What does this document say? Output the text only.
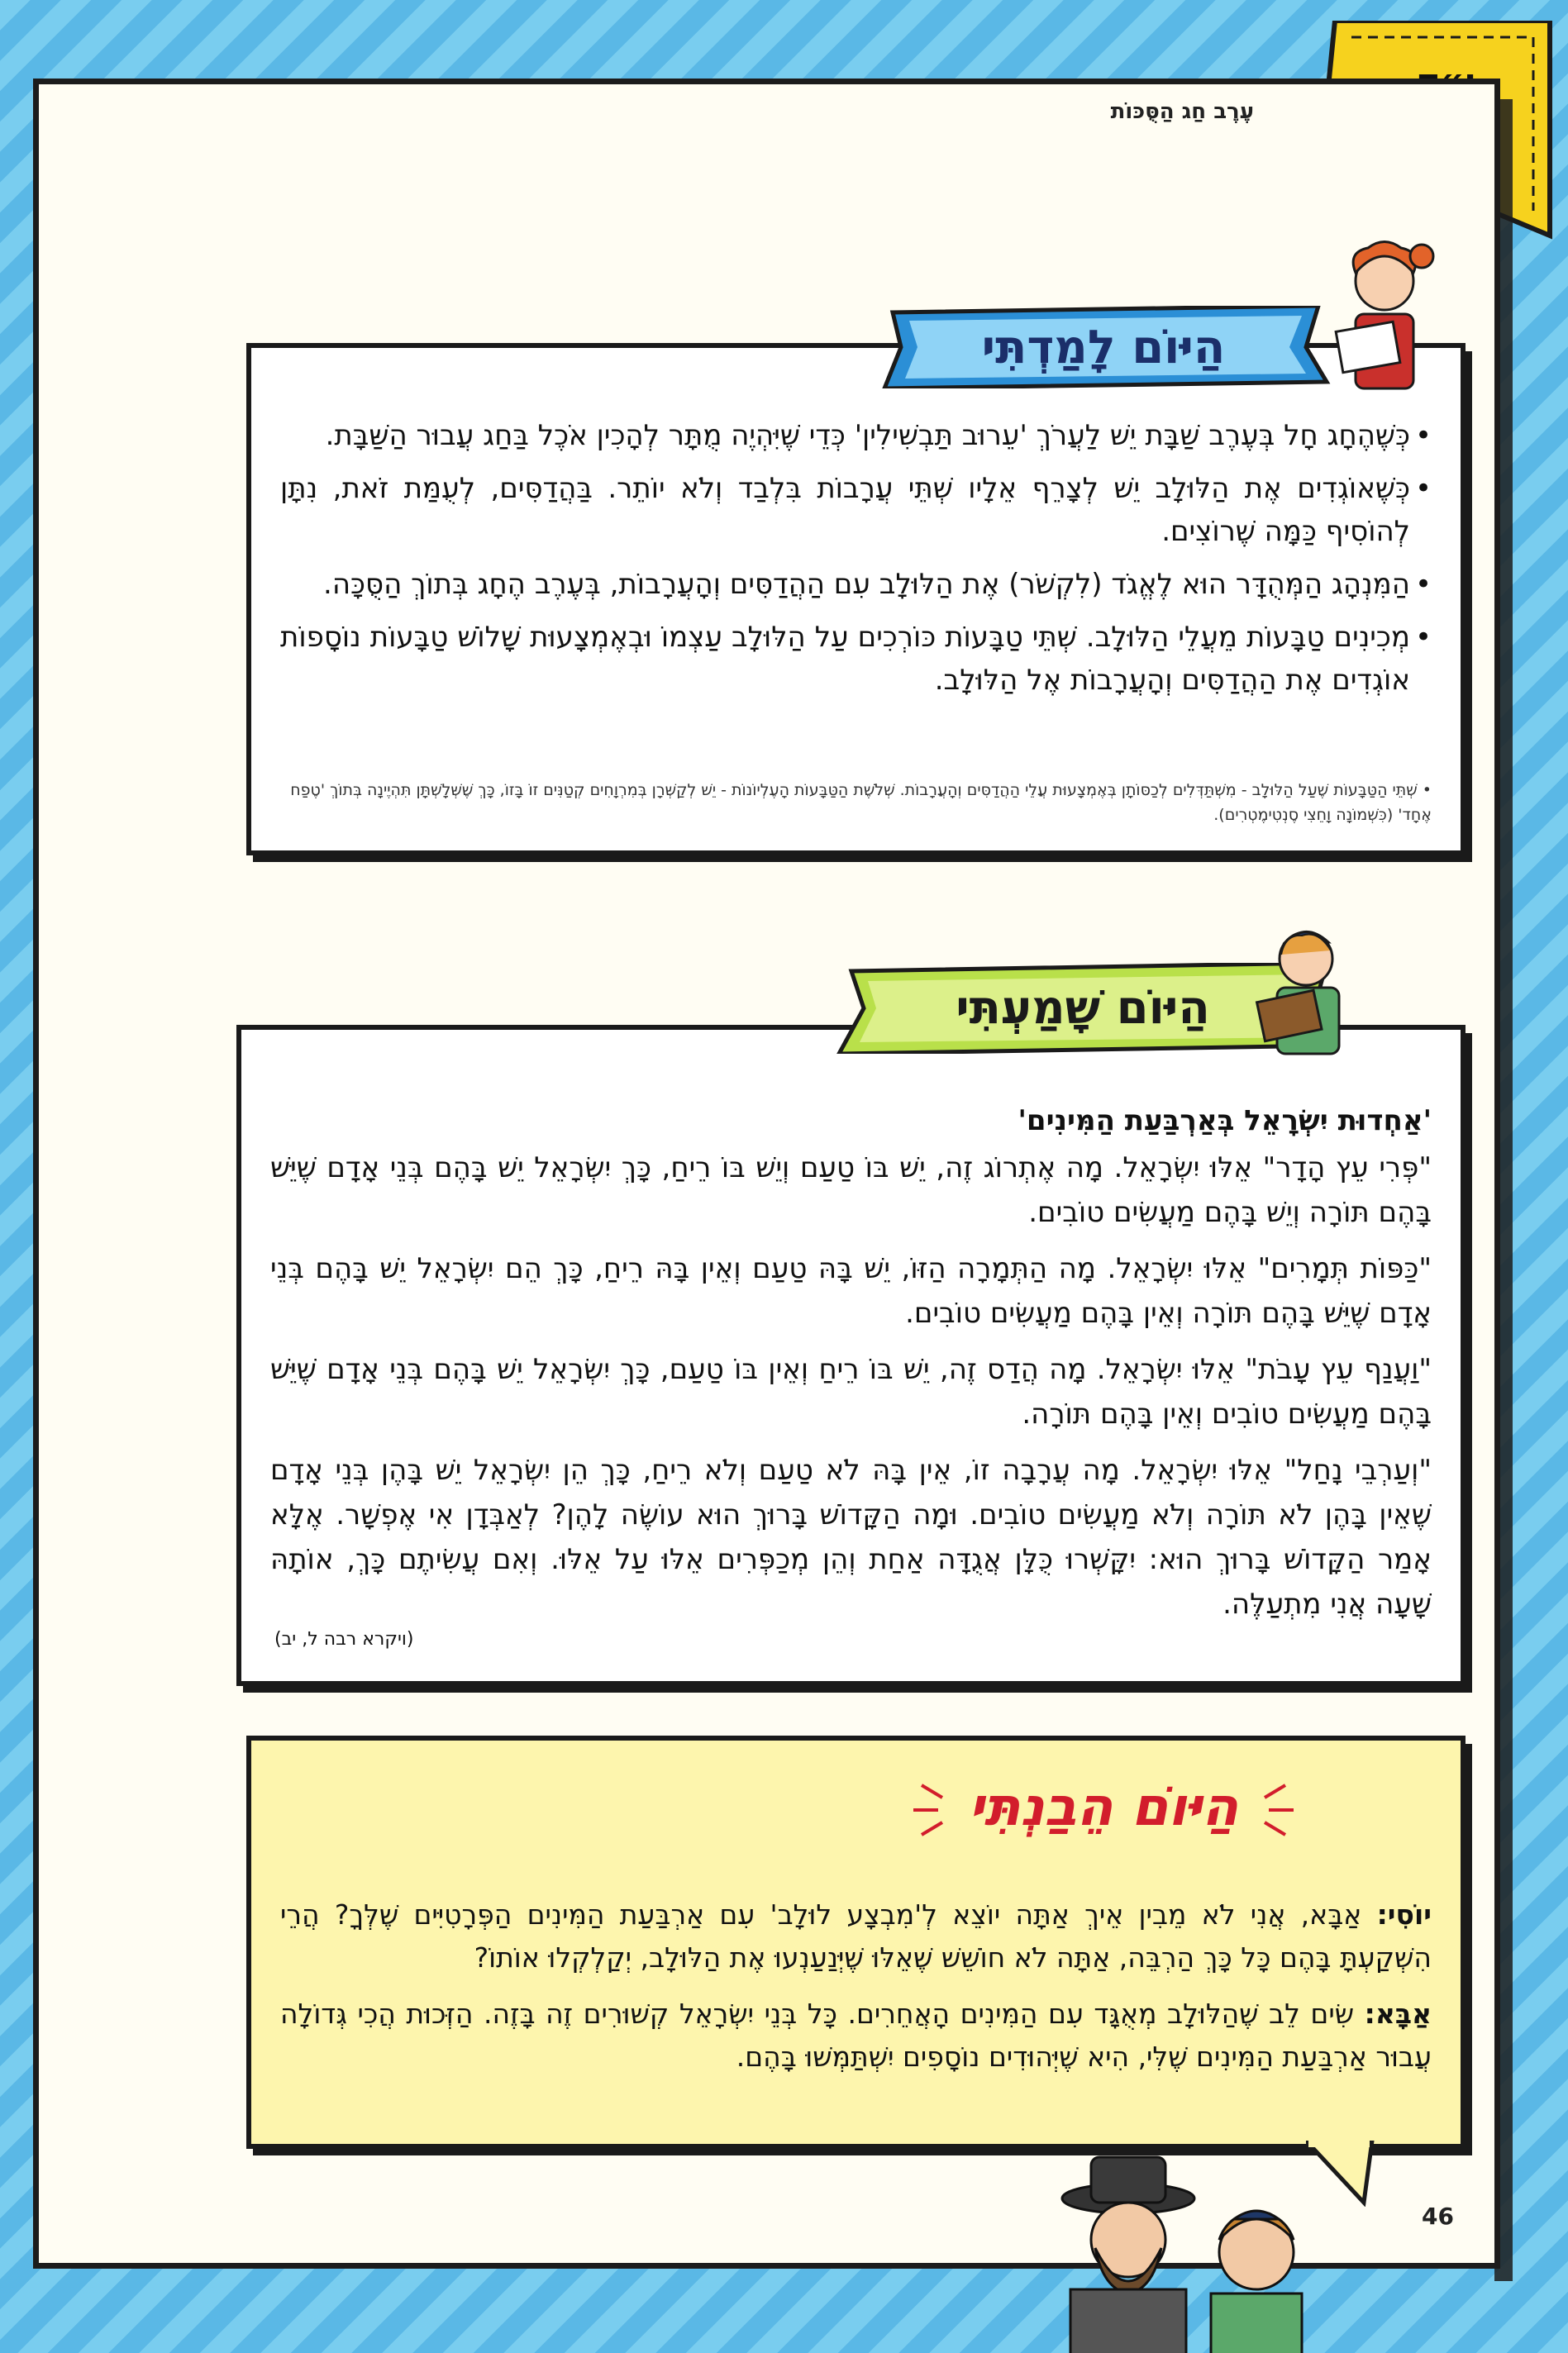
עֶרֶב חַג הַסֻּכּוֹת
• כְּשֶׁהֶחָג חָל בְּעֶרֶב שַׁבָּת יֵשׁ לַעֲרֹךְ 'עֵרוּב תַּבְשִׁילִין' כְּדֵי שֶׁיִּהְיֶה מֻתָּר לְהָכִין אֹכֶל בַּחַג עֲבוּר הַשַּׁבָּת.
• כְּשֶׁאוֹגְדִים אֶת הַלּוּלָב יֵשׁ לְצָרֵף אֵלָיו שְׁתֵּי עֲרָבוֹת בִּלְבַד וְלֹא יוֹתֵר. בַּהֲדַסִּים, לְעֻמַּת זֹאת, נִתָּן לְהוֹסִיף כַּמָּה שֶׁרוֹצִים.
• הַמִּנְהָג הַמְּהֻדָּר הוּא לֶאֱגֹד (לִקְשֹׁר) אֶת הַלּוּלָב עִם הַהֲדַסִּים וְהָעֲרָבוֹת, בְּעֶרֶב הֶחָג בְּתוֹךְ הַסֻּכָּה.
• מְכִינִים טַבָּעוֹת מֵעֲלֵי הַלּוּלָב. שְׁתֵּי טַבָּעוֹת כּוֹרְכִים עַל הַלּוּלָב עַצְמוֹ וּבְאֶמְצָעוּת שָׁלוֹשׁ טַבָּעוֹת נוֹסָפוֹת אוֹגְדִים אֶת הַהֲדַסִּים וְהָעֲרָבוֹת אֶל הַלּוּלָב.
• שְׁתֵּי הַטַּבָּעוֹת שֶׁעַל הַלּוּלָב - מִשְׁתַּדְּלִים לְכַסּוֹתָן בְּאֶמְצָעוּת עֲלֵי הַהֲדַסִּים וְהָעֲרָבוֹת. שְׁלֹשֶׁת הַטַּבָּעוֹת הָעֶלְיוֹנוֹת - יֵשׁ לְקַשְּׁרָן בְּמִרְוָחִים קְטַנִּים זוֹ בָּזוֹ, כָּךְ שֶׁשְּׁלָשְׁתָּן תִּהְיֶינָה בְּתוֹךְ 'טֶפַח אֶחָד' (כִּשְׁמוֹנָה וָחֵצִי סֶנְטִימֶטְרִים).
הַיּוֹם לָמַדְתִּי
'אַחְדוּת יִשְׂרָאֵל בְּאַרְבַּעַת הַמִּינִים'

"פְּרִי עֵץ הָדָר" אֵלּוּ יִשְׂרָאֵל. מָה אֶתְרוֹג זֶה, יֵשׁ בּוֹ טַעַם וְיֵשׁ בּוֹ רֵיחַ, כָּךְ יִשְׂרָאֵל יֵשׁ בָּהֶם בְּנֵי אָדָם שֶׁיֵּשׁ בָּהֶם תּוֹרָה וְיֵשׁ בָּהֶם מַעֲשִׂים טוֹבִים.

"כַּפּוֹת תְּמָרִים" אֵלּוּ יִשְׂרָאֵל. מָה הַתְּמָרָה הַזּוֹ, יֵשׁ בָּהּ טַעַם וְאֵין בָּהּ רֵיחַ, כָּךְ הֵם יִשְׂרָאֵל יֵשׁ בָּהֶם בְּנֵי אָדָם שֶׁיֵּשׁ בָּהֶם תּוֹרָה וְאֵין בָּהֶם מַעֲשִׂים טוֹבִים.

"וַעֲנַף עֵץ עָבֹת" אֵלּוּ יִשְׂרָאֵל. מָה הֲדַס זֶה, יֵשׁ בּוֹ רֵיחַ וְאֵין בּוֹ טַעַם, כָּךְ יִשְׂרָאֵל יֵשׁ בָּהֶם בְּנֵי אָדָם שֶׁיֵּשׁ בָּהֶם מַעֲשִׂים טוֹבִים וְאֵין בָּהֶם תּוֹרָה.

"וְעַרְבֵי נָחַל" אֵלּוּ יִשְׂרָאֵל. מָה עֲרָבָה זוֹ, אֵין בָּהּ לֹא טַעַם וְלֹא רֵיחַ, כָּךְ הֵן יִשְׂרָאֵל יֵשׁ בָּהֶן בְּנֵי אָדָם שֶׁאֵין בָּהֶן לֹא תּוֹרָה וְלֹא מַעֲשִׂים טוֹבִים. וּמָה הַקָּדוֹשׁ בָּרוּךְ הוּא עוֹשֶׂה לָהֶן? לְאַבְּדָן אִי אֶפְשָׁר. אֶלָּא אָמַר הַקָּדוֹשׁ בָּרוּךְ הוּא: יִקָּשְׁרוּ כֻּלָּן אֲגֻדָּה אַחַת וְהֵן מְכַפְּרִים אֵלּוּ עַל אֵלּוּ. וְאִם עֲשִׂיתֶם כָּךְ, אוֹתָהּ שָׁעָה אֲנִי מִתְעַלֶּה.

(ויקרא רבה ל, יב)
הַיּוֹם שָׁמַעְתִּי

יוֹסִי: אַבָּא, אֲנִי לֹא מֵבִין אֵיךְ אַתָּה יוֹצֵא לְ'מִבְצָע לוּלָב' עִם אַרְבַּעַת הַמִּינִים הַפְּרָטִיִּים שֶׁלְּךָ? הֲרֵי הִשְׁקַעְתָּ בָּהֶם כָּל כָּךְ הַרְבֵּה, אַתָּה לֹא חוֹשֵׁשׁ שֶׁאֵלּוּ שֶׁיְּנַעַנְעוּ אֶת הַלּוּלָב, יְקַלְקְלוּ אוֹתוֹ?

אַבָּא: שִׂים לֵב שֶׁהַלּוּלָב מְאֻגָּד עִם הַמִּינִים הָאֲחֵרִים. כָּל בְּנֵי יִשְׂרָאֵל קְשׁוּרִים זֶה בָּזֶה. הַזְּכוּת הֲכִי גְּדוֹלָה עֲבוּר אַרְבַּעַת הַמִּינִים שֶׁלִּי, הִיא שֶׁיְּהוּדִים נוֹסָפִים יִשְׁתַּמְּשׁוּ בָּהֶם.

הַיּוֹם הֵבַנְתִּי
46
